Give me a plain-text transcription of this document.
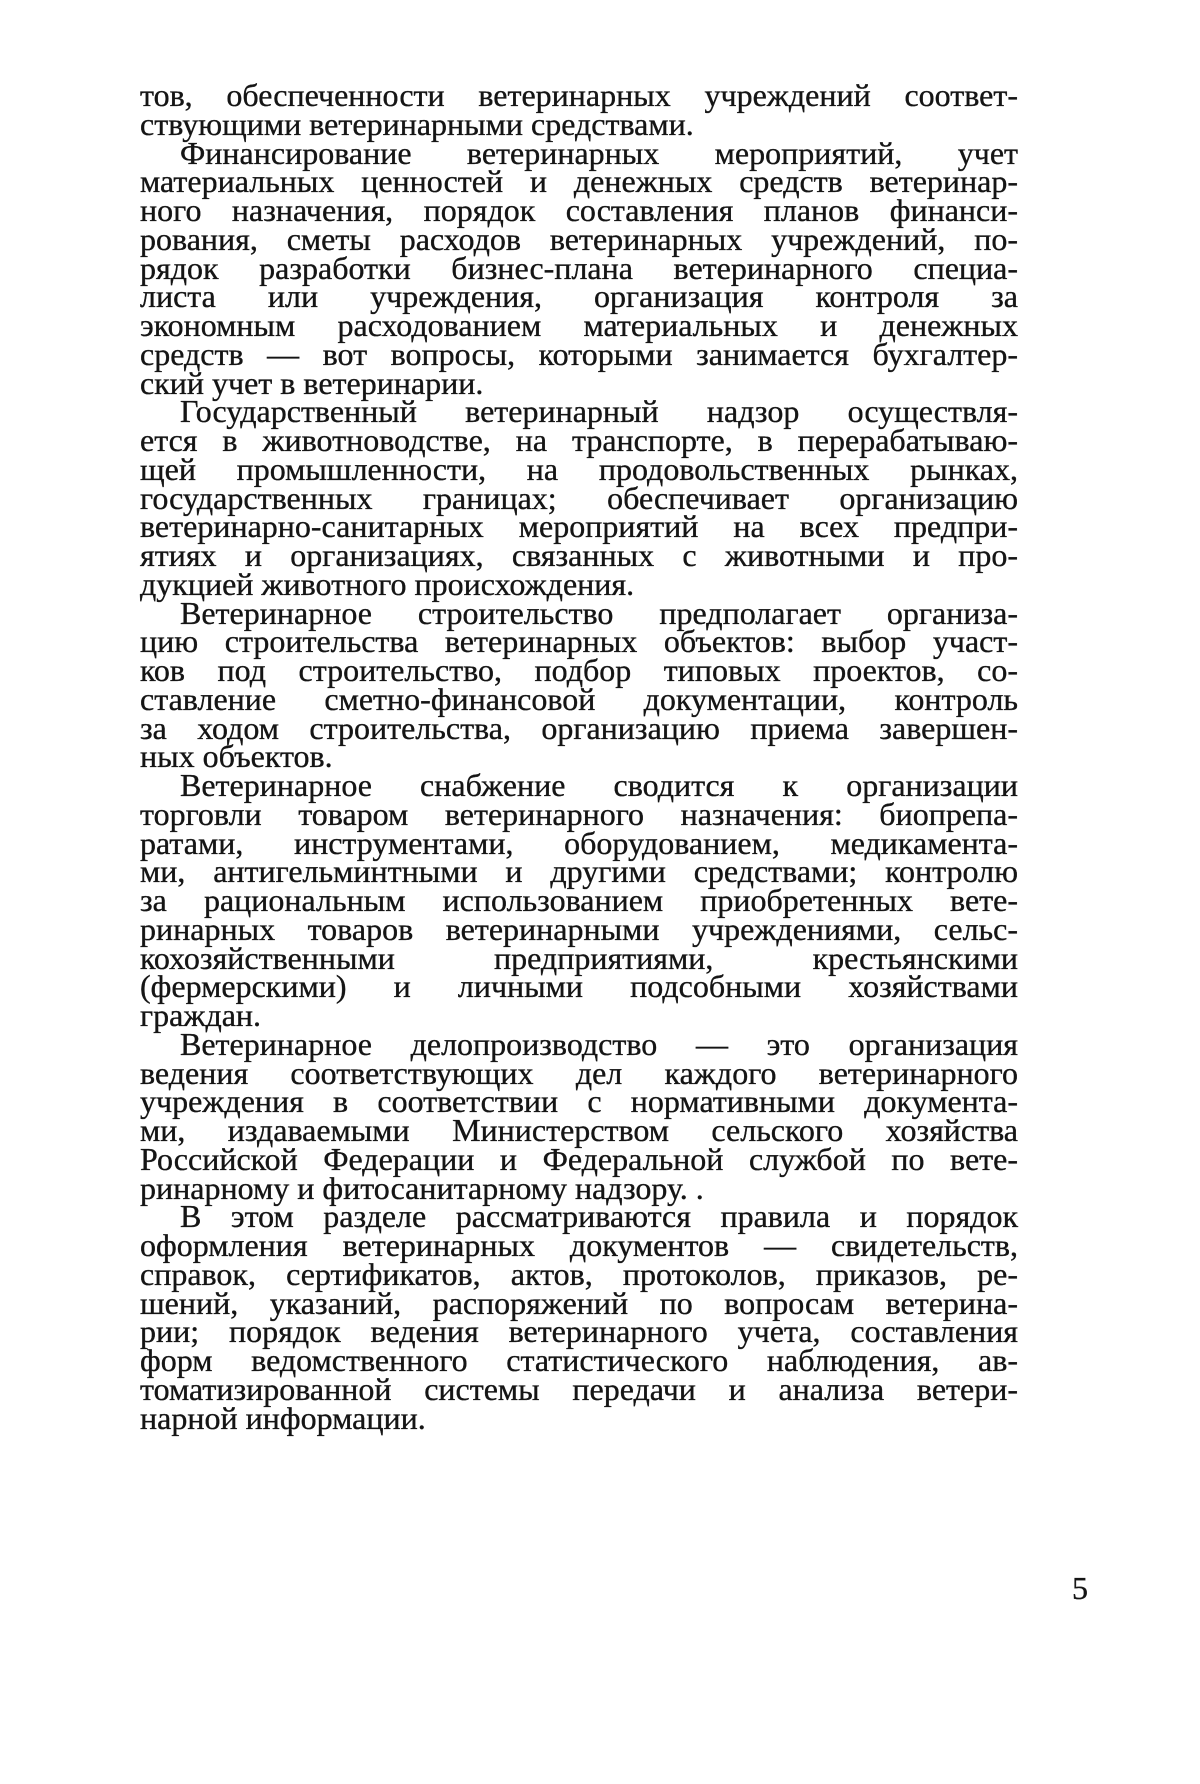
тов, обеспеченности ветеринарных учреждений соответ-
ствующими ветеринарными средствами.
Финансирование ветеринарных мероприятий, учет
материальных ценностей и денежных средств ветеринар-
ного назначения, порядок составления планов финанси-
рования, сметы расходов ветеринарных учреждений, по-
рядок разработки бизнес-плана ветеринарного специа-
листа или учреждения, организация контроля за
экономным расходованием материальных и денежных
средств — вот вопросы, которыми занимается бухгалтер-
ский учет в ветеринарии.
Государственный ветеринарный надзор осуществля-
ется в животноводстве, на транспорте, в перерабатываю-
щей промышленности, на продовольственных рынках,
государственных границах; обеспечивает организацию
ветеринарно-санитарных мероприятий на всех предпри-
ятиях и организациях, связанных с животными и про-
дукцией животного происхождения.
Ветеринарное строительство предполагает организа-
цию строительства ветеринарных объектов: выбор участ-
ков под строительство, подбор типовых проектов, со-
ставление сметно-финансовой документации, контроль
за ходом строительства, организацию приема завершен-
ных объектов.
Ветеринарное снабжение сводится к организации
торговли товаром ветеринарного назначения: биопрепа-
ратами, инструментами, оборудованием, медикамента-
ми, антигельминтными и другими средствами; контролю
за рациональным использованием приобретенных вете-
ринарных товаров ветеринарными учреждениями, сельс-
кохозяйственными предприятиями, крестьянскими
(фермерскими) и личными подсобными хозяйствами
граждан.
Ветеринарное делопроизводство — это организация
ведения соответствующих дел каждого ветеринарного
учреждения в соответствии с нормативными документа-
ми, издаваемыми Министерством сельского хозяйства
Российской Федерации и Федеральной службой по вете-
ринарному и фитосанитарному надзору. .
В этом разделе рассматриваются правила и порядок
оформления ветеринарных документов — свидетельств,
справок, сертификатов, актов, протоколов, приказов, ре-
шений, указаний, распоряжений по вопросам ветерина-
рии; порядок ведения ветеринарного учета, составления
форм ведомственного статистического наблюдения, ав-
томатизированной системы передачи и анализа ветери-
нарной информации.
5
